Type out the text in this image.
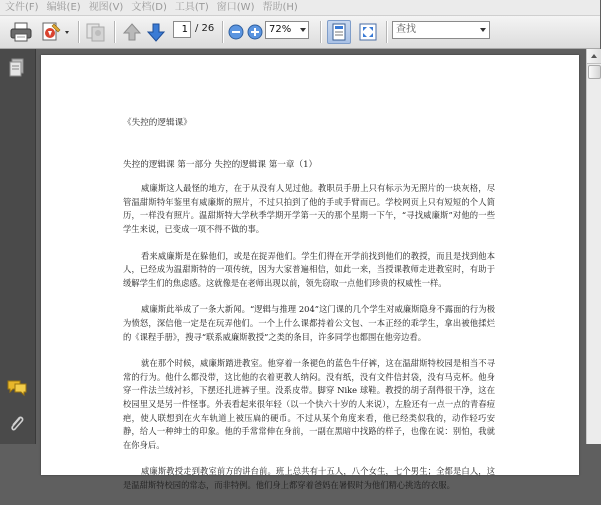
文件(F) 编辑(E) 视图(V) 文档(D) 工具(T) 窗口(W) 帮助(H)
1 / 26	72%	查找

《失控的逻辑课》

失控的逻辑课 第一部分 失控的逻辑课 第一章（1）

威廉斯这人最怪的地方，在于从没有人见过他。教职员手册上只有标示为无照片的一块灰格，尽管温甜斯特年鉴里有威廉斯的照片，不过只拍到了他的手或手臂而已。学校网页上只有短短的个人简历，一样没有照片。温甜斯特大学秋季学期开学第一天的那个星期一下午，“寻找威廉斯”对他的一些学生来说，已变成一项不得不做的事。

看来威廉斯是在躲他们，或是在捉弄他们。学生们得在开学前找到他们的教授，而且是找到他本人，已经成为温甜斯特的一项传统，因为大家普遍相信，如此一来，当授课教师走进教室时，有助于缓解学生们的焦虑感。这就像是在老师出现以前，领先窃取一点他们珍贵的权威性一样。

威廉斯此举成了一条大新闻。“逻辑与推理 204”这门课的几个学生对威廉斯隐身不露面的行为极为愤怒，深信他一定是在玩弄他们。一个上什么课都持着公文包、一本正经的乖学生，拿出被他揉烂的《课程手册》，搜寻“联系威廉斯教授”之类的条目，许多同学也都围在他旁边看。

就在那个时候，威廉斯踏进教室。他穿着一条褪色的蓝色牛仔裤，这在温甜斯特校园是相当不寻常的行为。他什么都没带，这比他的衣着更教人纳闷。没有纸，没有文件信封袋，没有马克杯。他身穿一件法兰绒衬衫，下摆还扎进裤子里。没系皮带。脚穿 Nike 球鞋。教授的胡子刮得很干净，这在校园里又是另一件怪事。外表看起来很年轻（以一个快六十岁的人来说），左脸还有一点一点的青春痘疤，使人联想到在火车轨道上被压扁的硬币。不过从某个角度来看，他已经类似我的，动作轻巧安静，给人一种绅士的印象。他的手常常伸在身前，一副在黑暗中找路的样子，也像在说：别怕，我就在你身后。

威廉斯教授走到教室前方的讲台前。班上总共有十五人，八个女生，七个男生；全都是白人，这是温甜斯特校园的常态，而非特例。他们身上都穿着爸妈在暑假时为他们精心挑选的衣服。
